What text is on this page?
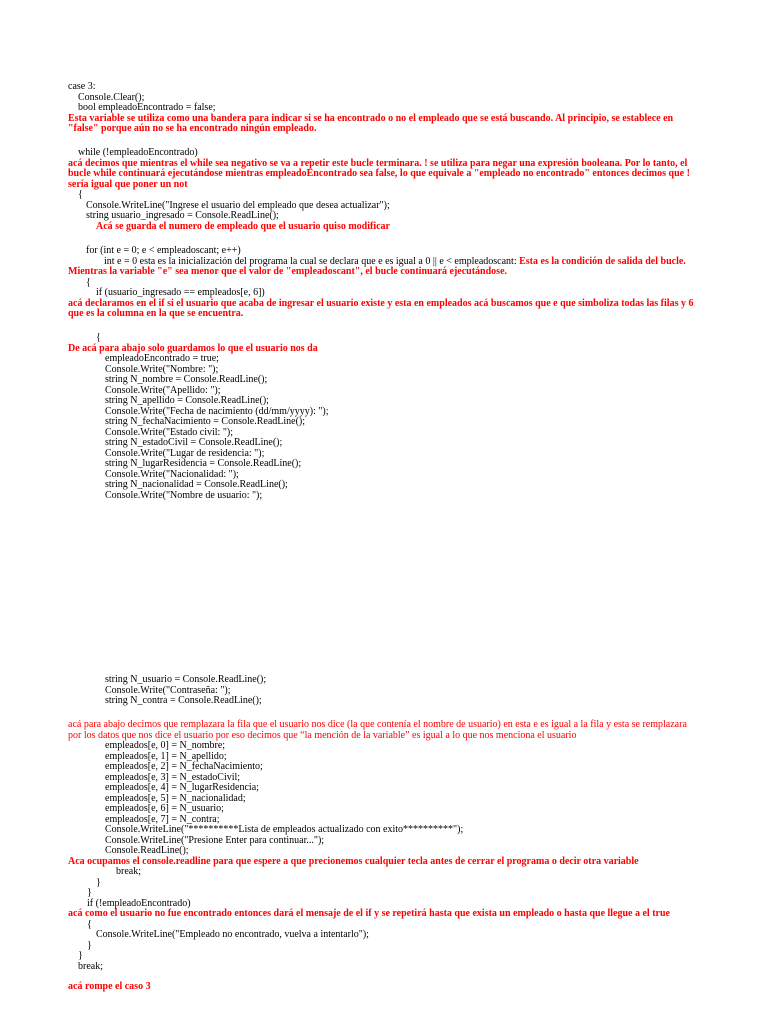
case 3:
Console.Clear();
bool empleadoEncontrado = false;
Esta variable se utiliza como una bandera para indicar si se ha encontrado o no el empleado que se está buscando. Al principio, se establece en "false" porque aún no se ha encontrado ningún empleado.
while (!empleadoEncontrado)
acá decimos que mientras el while sea negativo se va a repetir este bucle terminara. ! se utiliza para negar una expresión booleana. Por lo tanto, el bucle while continuará ejecutándose mientras empleadoEncontrado sea false, lo que equivale a "empleado no encontrado" entonces decimos que ! sería igual que poner un not
{
Console.WriteLine("Ingrese el usuario del empleado que desea actualizar");
string usuario_ingresado = Console.ReadLine();
Acá se guarda el numero de empleado que el usuario quiso modificar
for (int e = 0; e < empleadoscant; e++)
int e = 0 esta es la inicialización del programa la cual se declara que e es igual a 0 || e < empleadoscant: Esta es la condición de salida del bucle. Mientras la variable "e" sea menor que el valor de "empleadoscant", el bucle continuará ejecutándose.
{
if (usuario_ingresado == empleados[e, 6])
acá declaramos en el if si el usuario que acaba de ingresar el usuario existe y esta en empleados acá buscamos que e que simboliza todas las filas y 6 que es la columna en la que se encuentra.
{
De acá para abajo solo guardamos lo que el usuario nos da
empleadoEncontrado = true;
Console.Write("Nombre: ");
string N_nombre = Console.ReadLine();
Console.Write("Apellido: ");
string N_apellido = Console.ReadLine();
Console.Write("Fecha de nacimiento (dd/mm/yyyy): ");
string N_fechaNacimiento = Console.ReadLine();
Console.Write("Estado civil: ");
string N_estadoCivil = Console.ReadLine();
Console.Write("Lugar de residencia: ");
string N_lugarResidencia = Console.ReadLine();
Console.Write("Nacionalidad: ");
string N_nacionalidad = Console.ReadLine();
Console.Write("Nombre de usuario: ");
string N_usuario = Console.ReadLine();
Console.Write("Contraseña: ");
string N_contra = Console.ReadLine();
acá para abajo decimos que remplazara la fila que el usuario nos dice (la que contenía el nombre de usuario) en esta e es igual a la fila y esta se remplazara por los datos que nos dice el usuario por eso decimos que “la mención de la variable” es igual a lo que nos menciona el usuario
empleados[e, 0] = N_nombre;
empleados[e, 1] = N_apellido;
empleados[e, 2] = N_fechaNacimiento;
empleados[e, 3] = N_estadoCivil;
empleados[e, 4] = N_lugarResidencia;
empleados[e, 5] = N_nacionalidad;
empleados[e, 6] = N_usuario;
empleados[e, 7] = N_contra;
Console.WriteLine("**********Lista de empleados actualizado con exito**********");
Console.WriteLine("Presione Enter para continuar...");
Console.ReadLine();
Aca ocupamos el console.readline para que espere a que precionemos cualquier tecla antes de cerrar el programa o decir otra variable
break;
}
}
if (!empleadoEncontrado)
acá como el usuario no fue encontrado entonces dará el mensaje de el if y se repetirá hasta que exista un empleado o hasta que llegue a el true
{
Console.WriteLine("Empleado no encontrado, vuelva a intentarlo");
}
}
break;
acá rompe el caso 3
